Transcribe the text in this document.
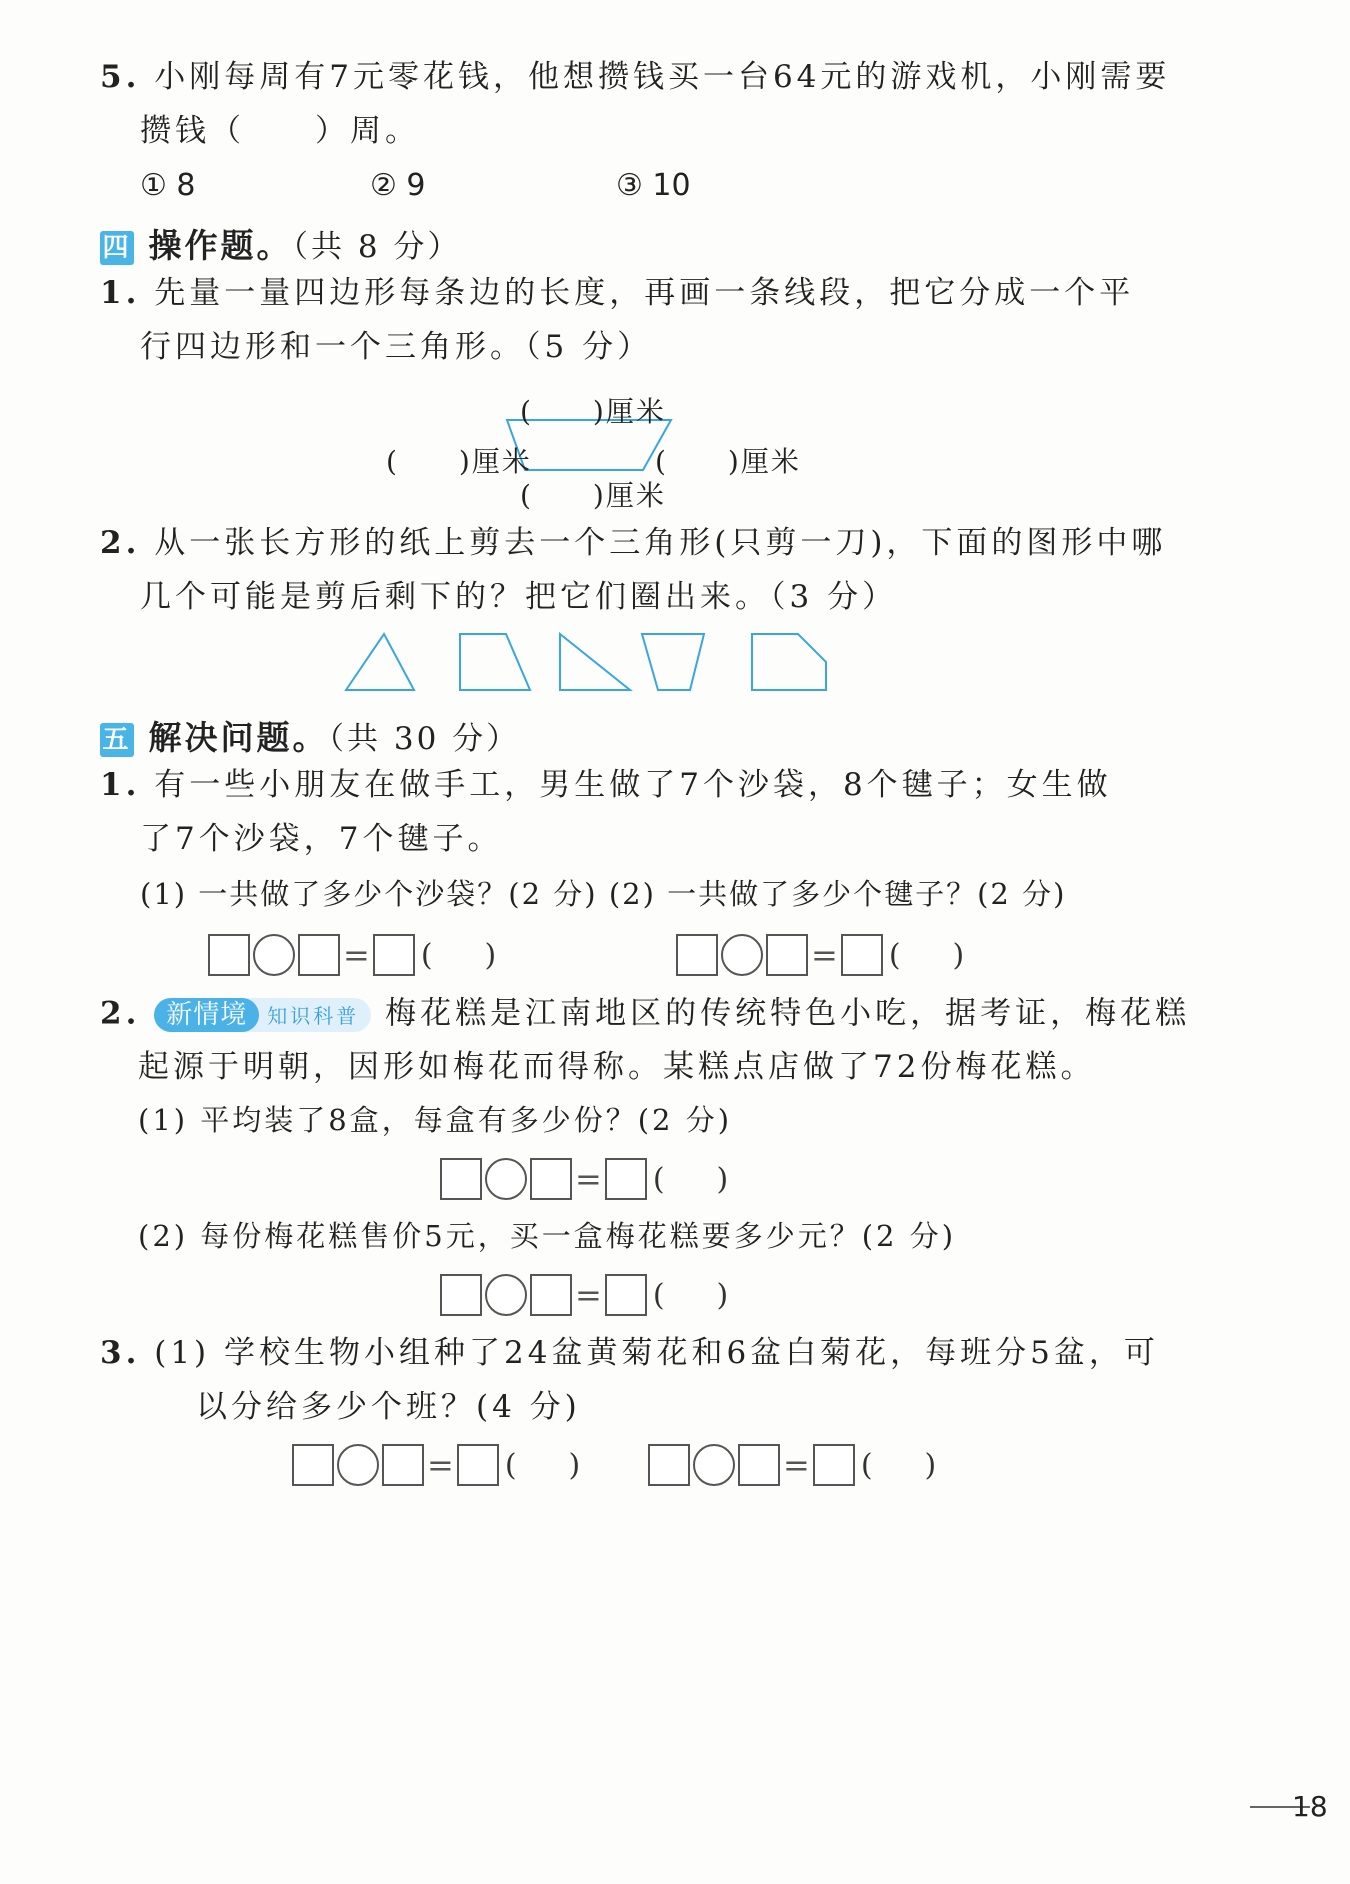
5. 小刚每周有7元零花钱，他想攒钱买一台64元的游戏机，小刚需要
攒钱（　　）周。
① 8	② 9	③ 10
四 操作题。（共 8 分）
1. 先量一量四边形每条边的长度，再画一条线段，把它分成一个平
行四边形和一个三角形。（5 分）
(　　)厘米
(　　)厘米	(　　)厘米
(　　)厘米
2. 从一张长方形的纸上剪去一个三角形(只剪一刀)，下面的图形中哪
几个可能是剪后剩下的？把它们圈出来。（3 分）
五 解决问题。（共 30 分）
1. 有一些小朋友在做手工，男生做了7个沙袋，8个毽子；女生做
了7个沙袋，7个毽子。
(1) 一共做了多少个沙袋？(2 分) (2) 一共做了多少个毽子？(2 分)
= ()	= ()
2. 新情境 知识科普 梅花糕是江南地区的传统特色小吃，据考证，梅花糕
起源于明朝，因形如梅花而得称。某糕点店做了72份梅花糕。
(1) 平均装了8盒，每盒有多少份？(2 分)
= ()
(2) 每份梅花糕售价5元，买一盒梅花糕要多少元？(2 分)
= ()
3. (1) 学校生物小组种了24盆黄菊花和6盆白菊花，每班分5盆，可
以分给多少个班？(4 分)
= ()	= ()
18
